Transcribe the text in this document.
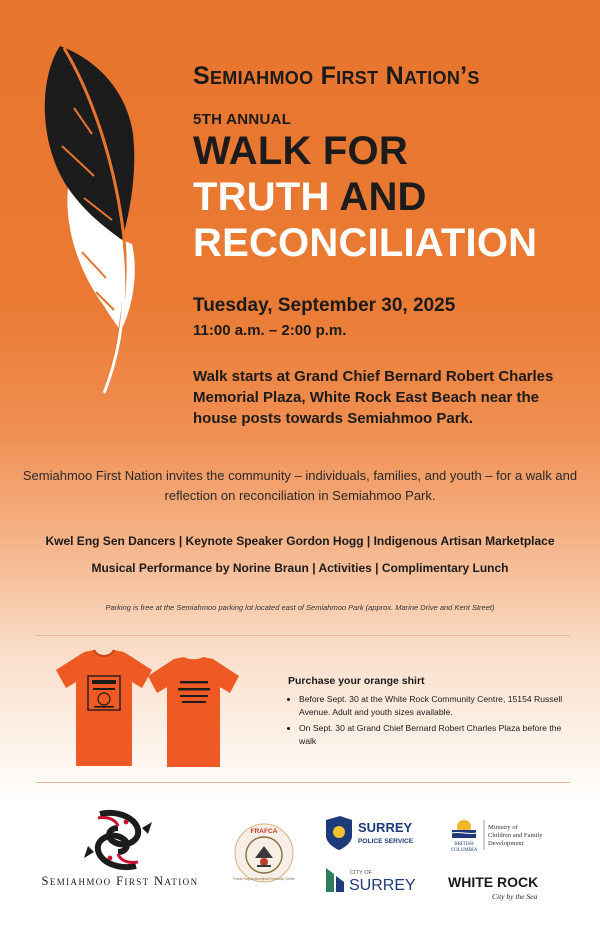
Semiahmoo First Nation’s
5TH ANNUAL
WALK FOR
TRUTH AND
RECONCILIATION
Tuesday, September 30, 2025
11:00 a.m. – 2:00 p.m.
Walk starts at Grand Chief Bernard Robert Charles Memorial Plaza, White Rock East Beach near the house posts towards Semiahmoo Park.
Semiahmoo First Nation invites the community – individuals, families, and youth – for a walk and reflection on reconciliation in Semiahmoo Park.
Kwel Eng Sen Dancers | Keynote Speaker Gordon Hogg | Indigenous Artisan Marketplace
Musical Performance by Norine Braun | Activities | Complimentary Lunch
Parking is free at the Semiahmoo parking lot located east of Semiahmoo Park (approx. Marine Drive and Kent Street)
Purchase your orange shirt
• Before Sept. 30 at the White Rock Community Centre, 15154 Russell Avenue. Adult and youth sizes available.
• On Sept. 30 at Grand Chief Bernard Robert Charles Plaza before the walk
Semiahmoo First Nation
FRAFCA
Fraser Region Aboriginal Friendship Centre
SURREY
POLICE SERVICE
CITY OF
SURREY
BRITISH
COLUMBIA
Ministry of
Children and Family
Development
WHITE ROCK
City by the Sea
